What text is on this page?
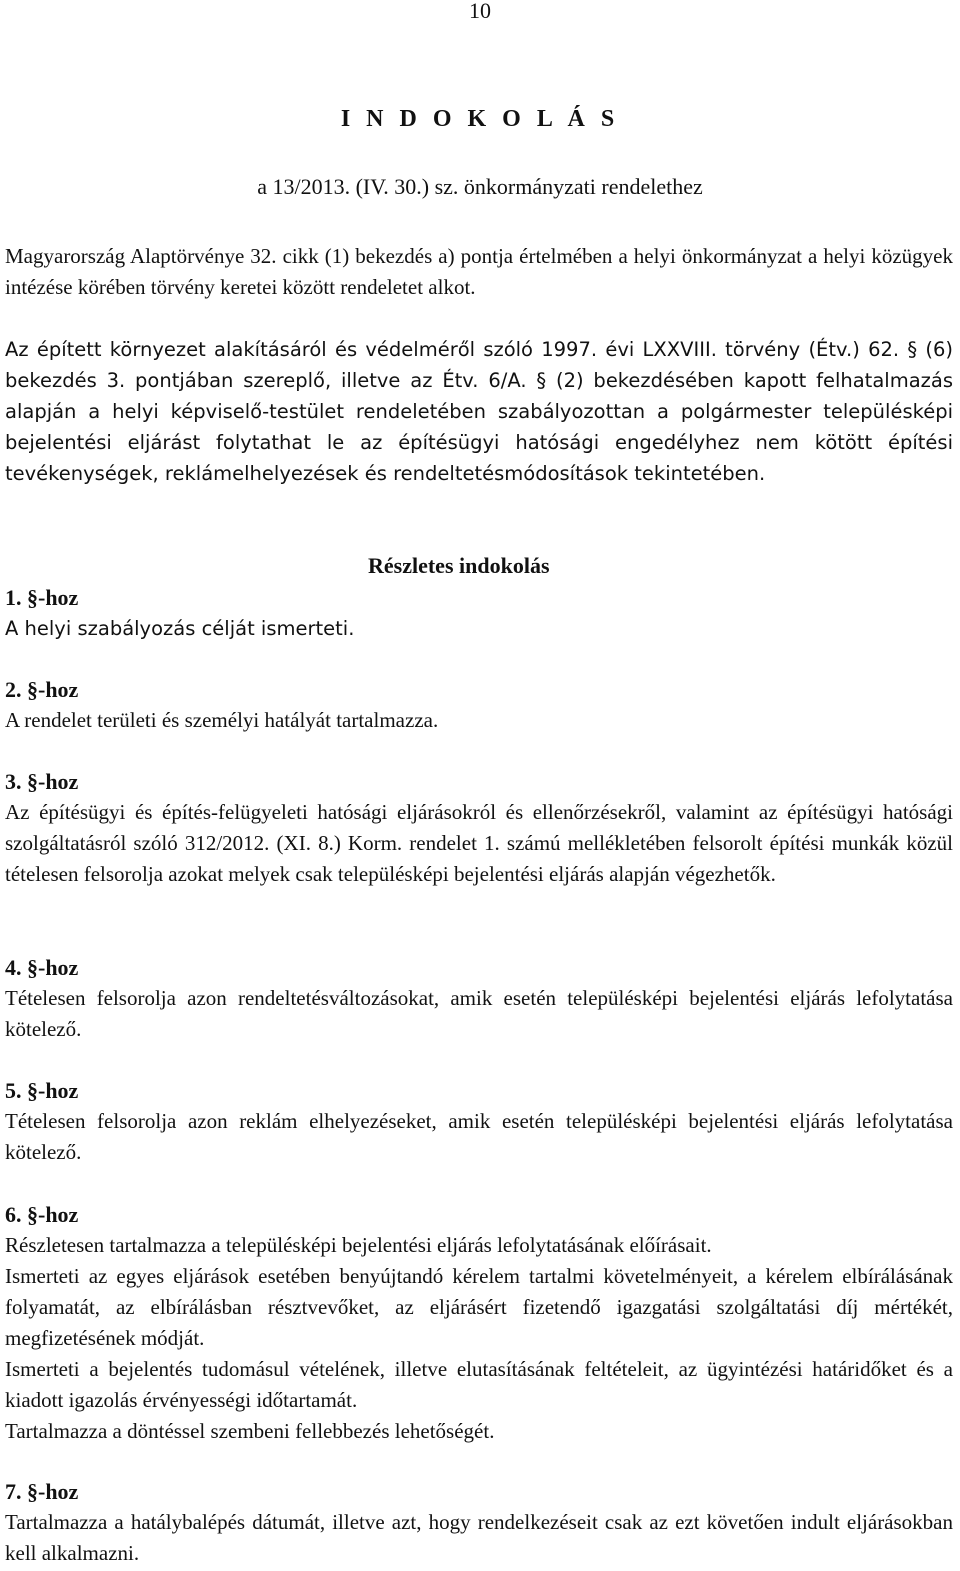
10
I N D O K O L Á S
a 13/2013. (IV. 30.) sz. önkormányzati rendelethez
Magyarország Alaptörvénye 32. cikk (1) bekezdés a) pontja értelmében a helyi önkormányzat a helyi közügyek intézése körében törvény keretei között rendeletet alkot.
Az épített környezet alakításáról és védelméről szóló 1997. évi LXXVIII. törvény (Étv.) 62. § (6) bekezdés 3. pontjában szereplő, illetve az Étv. 6/A. § (2) bekezdésében kapott felhatalmazás alapján a helyi képviselő-testület rendeletében szabályozottan a polgármester településképi bejelentési eljárást folytathat le az építésügyi hatósági engedélyhez nem kötött építési tevékenységek, reklámelhelyezések és rendeltetésmódosítások tekintetében.
Részletes indokolás

1. §-hoz

A helyi szabályozás célját ismerteti.

2. §-hoz

A rendelet területi és személyi hatályát tartalmazza.

3. §-hoz

Az építésügyi és építés-felügyeleti hatósági eljárásokról és ellenőrzésekről, valamint az építésügyi hatósági szolgáltatásról szóló 312/2012. (XI. 8.) Korm. rendelet 1. számú mellékletében felsorolt építési munkák közül tételesen felsorolja azokat melyek csak településképi bejelentési eljárás alapján végezhetők.

4. §-hoz

Tételesen felsorolja azon rendeltetésváltozásokat, amik esetén településképi bejelentési eljárás lefolytatása kötelező.

5. §-hoz

Tételesen felsorolja azon reklám elhelyezéseket, amik esetén településképi bejelentési eljárás lefolytatása kötelező.

6. §-hoz

Részletesen tartalmazza a településképi bejelentési eljárás lefolytatásának előírásait.

Ismerteti az egyes eljárások esetében benyújtandó kérelem tartalmi követelményeit, a kérelem elbírálásának folyamatát, az elbírálásban résztvevőket, az eljárásért fizetendő igazgatási szolgáltatási díj mértékét, megfizetésének módját.

Ismerteti a bejelentés tudomásul vételének, illetve elutasításának feltételeit, az ügyintézési határidőket és a kiadott igazolás érvényességi időtartamát.

Tartalmazza a döntéssel szembeni fellebbezés lehetőségét.

7. §-hoz

Tartalmazza a hatálybalépés dátumát, illetve azt, hogy rendelkezéseit csak az ezt követően indult eljárásokban kell alkalmazni.
